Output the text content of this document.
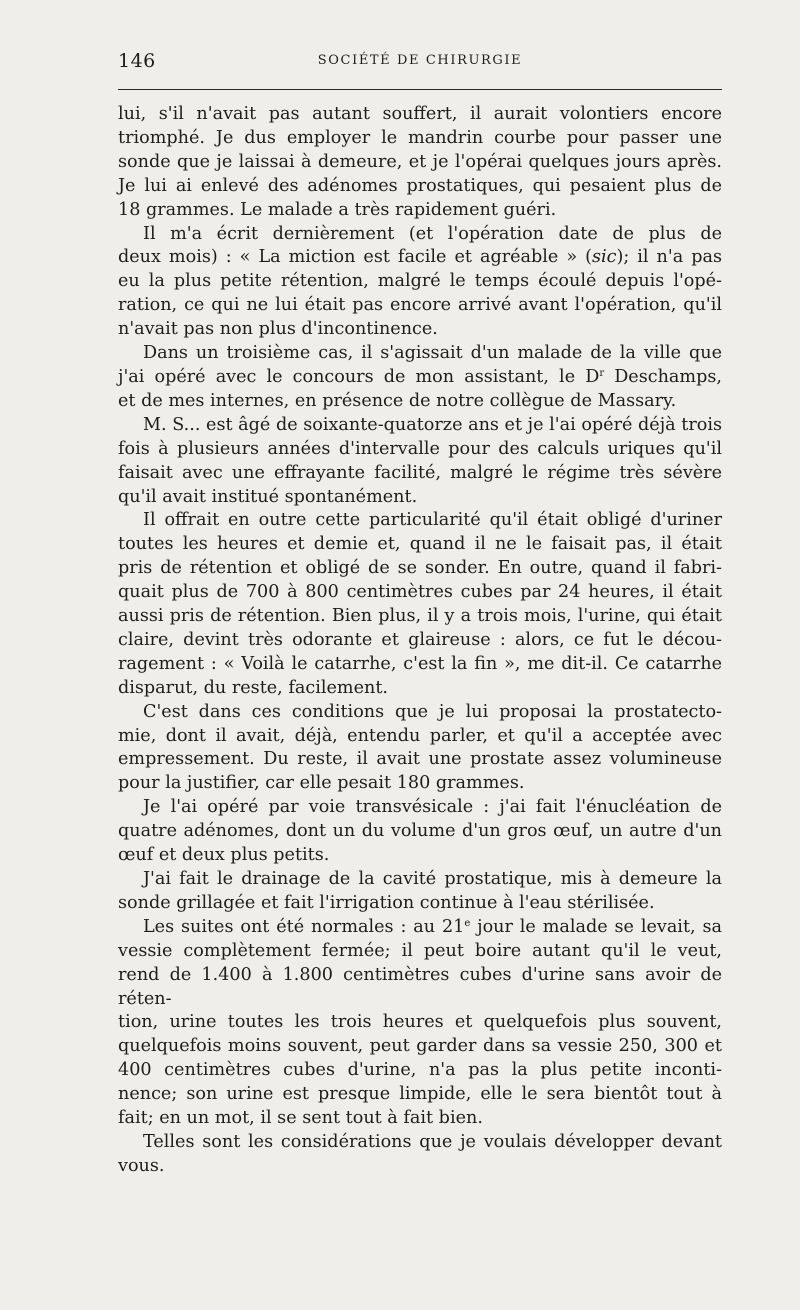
146	SOCIÉTÉ DE CHIRURGIE

lui, s'il n'avait pas autant souffert, il aurait volontiers encore

triomphé. Je dus employer le mandrin courbe pour passer une

sonde que je laissai à demeure, et je l'opérai quelques jours après.

Je lui ai enlevé des adénomes prostatiques, qui pesaient plus de

18 grammes. Le malade a très rapidement guéri.

Il m'a écrit dernièrement (et l'opération date de plus de

deux mois) : « La miction est facile et agréable » (sic); il n'a pas

eu la plus petite rétention, malgré le temps écoulé depuis l'opé-

ration, ce qui ne lui était pas encore arrivé avant l'opération, qu'il

n'avait pas non plus d'incontinence.

Dans un troisième cas, il s'agissait d'un malade de la ville que

j'ai opéré avec le concours de mon assistant, le $D^r$ Deschamps,

et de mes internes, en présence de notre collègue de Massary.

M. S... est âgé de soixante-quatorze ans et je l'ai opéré déjà trois

fois à plusieurs années d'intervalle pour des calculs uriques qu'il

faisait avec une effrayante facilité, malgré le régime très sévère

qu'il avait institué spontanément.

Il offrait en outre cette particularité qu'il était obligé d'uriner

toutes les heures et demie et, quand il ne le faisait pas, il était

pris de rétention et obligé de se sonder. En outre, quand il fabri-

quait plus de 700 à 800 centimètres cubes par 24 heures, il était

aussi pris de rétention. Bien plus, il y a trois mois, l'urine, qui était

claire, devint très odorante et glaireuse : alors, ce fut le décou-

ragement : « Voilà le catarrhe, c'est la fin », me dit-il. Ce catarrhe

disparut, du reste, facilement.

C'est dans ces conditions que je lui proposai la prostatecto-

mie, dont il avait, déjà, entendu parler, et qu'il a acceptée avec

empressement. Du reste, il avait une prostate assez volumineuse

pour la justifier, car elle pesait 180 grammes.

Je l'ai opéré par voie transvésicale : j'ai fait l'énucléation de

quatre adénomes, dont un du volume d'un gros œuf, un autre d'un

œuf et deux plus petits.

J'ai fait le drainage de la cavité prostatique, mis à demeure la

sonde grillagée et fait l'irrigation continue à l'eau stérilisée.

Les suites ont été normales : au 21e jour le malade se levait, sa

vessie complètement fermée; il peut boire autant qu'il le veut,

rend de 1.400 à 1.800 centimètres cubes d'urine sans avoir de réten-

tion, urine toutes les trois heures et quelquefois plus souvent,

quelquefois moins souvent, peut garder dans sa vessie 250, 300 et

400 centimètres cubes d'urine, n'a pas la plus petite inconti-

nence; son urine est presque limpide, elle le sera bientôt tout à

fait; en un mot, il se sent tout à fait bien.

Telles sont les considérations que je voulais développer devant

vous.
